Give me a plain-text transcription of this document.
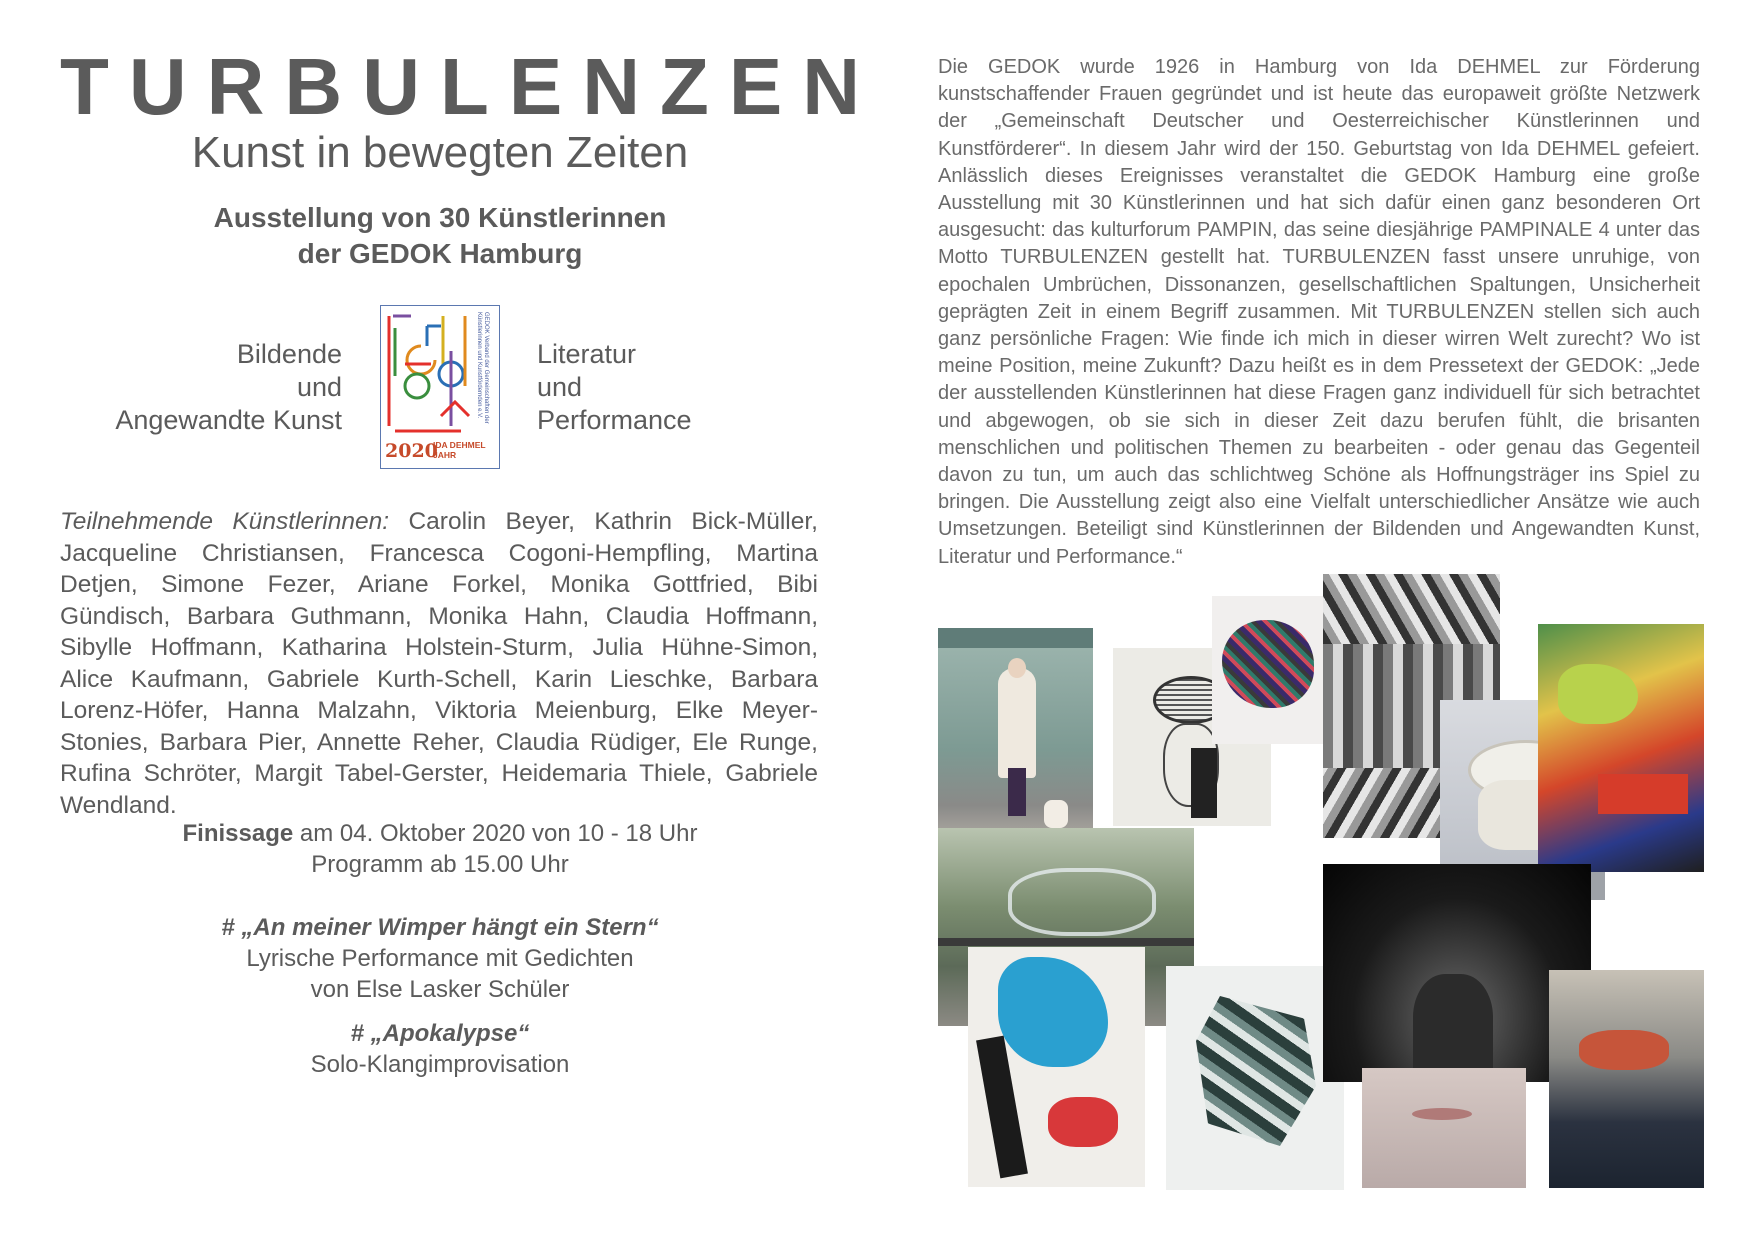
TURBULENZEN
Kunst in bewegten Zeiten
Ausstellung von 30 Künstlerinnen
der GEDOK Hamburg
Bildende
und
Angewandte Kunst	GEDOK Verband der Gemeinschaften der Künstlerinnen und Kunstfördernden e.V.
2020
IDA DEHMEL
JAHR
Literatur
und
Performance
Teilnehmende Künstlerinnen: Carolin Beyer, Kathrin Bick-Müller, Jacqueline Christiansen, Francesca Cogoni-Hempfling, Martina Detjen, Simone Fezer, Ariane Forkel, Monika Gottfried, Bibi Gündisch, Barbara Guthmann, Monika Hahn, Claudia Hoffmann, Sibylle Hoffmann, Katharina Holstein-Sturm, Julia Hühne-Simon, Alice Kaufmann, Gabriele Kurth-Schell, Karin Lieschke, Barbara Lorenz-Höfer, Hanna Malzahn, Viktoria Meienburg, Elke Meyer-Stonies, Barbara Pier, Annette Reher, Claudia Rüdiger, Ele Runge, Rufina Schröter, Margit Tabel-Gerster, Heidemaria Thiele, Gabriele Wendland.
Finissage am 04. Oktober 2020 von 10 - 18 Uhr
Programm ab 15.00 Uhr
# „An meiner Wimper hängt ein Stern“
Lyrische Performance mit Gedichten
von Else Lasker Schüler
# „Apokalypse“
Solo-Klangimprovisation
Die GEDOK wurde 1926 in Hamburg von Ida DEHMEL zur Förderung kunstschaffender Frauen gegründet und ist heute das europaweit größte Netzwerk der „Gemeinschaft Deutscher und Oesterreichischer Künstlerinnen und Kunstförderer“. In diesem Jahr wird der 150. Geburtstag von Ida DEHMEL gefeiert. Anlässlich dieses Ereignisses veranstaltet die GEDOK Hamburg eine große Ausstellung mit 30 Künstlerinnen und hat sich dafür einen ganz besonderen Ort ausgesucht: das kulturforum PAMPIN, das seine diesjährige PAMPINALE 4 unter das Motto TURBULENZEN gestellt hat. TURBULENZEN fasst unsere unruhige, von epochalen Umbrüchen, Dissonanzen, gesellschaftlichen Spaltungen, Unsicherheit geprägten Zeit in einem Begriff zusammen. Mit TURBULENZEN stellen sich auch ganz persönliche Fragen: Wie finde ich mich in dieser wirren Welt zurecht? Wo ist meine Position, meine Zukunft? Dazu heißt es in dem Pressetext der GEDOK: „Jede der ausstellenden Künstlerinnen hat diese Fragen ganz individuell für sich betrachtet und abgewogen, ob sie sich in dieser Zeit dazu berufen fühlt, die brisanten menschlichen und politischen Themen zu bearbeiten - oder genau das Gegenteil davon zu tun, um auch das schlichtweg Schöne als Hoffnungsträger ins Spiel zu bringen. Die Ausstellung zeigt also eine Vielfalt unterschiedlicher Ansätze wie auch Umsetzungen. Beteiligt sind Künstlerinnen der Bildenden und Angewandten Kunst, Literatur und Performance.“
